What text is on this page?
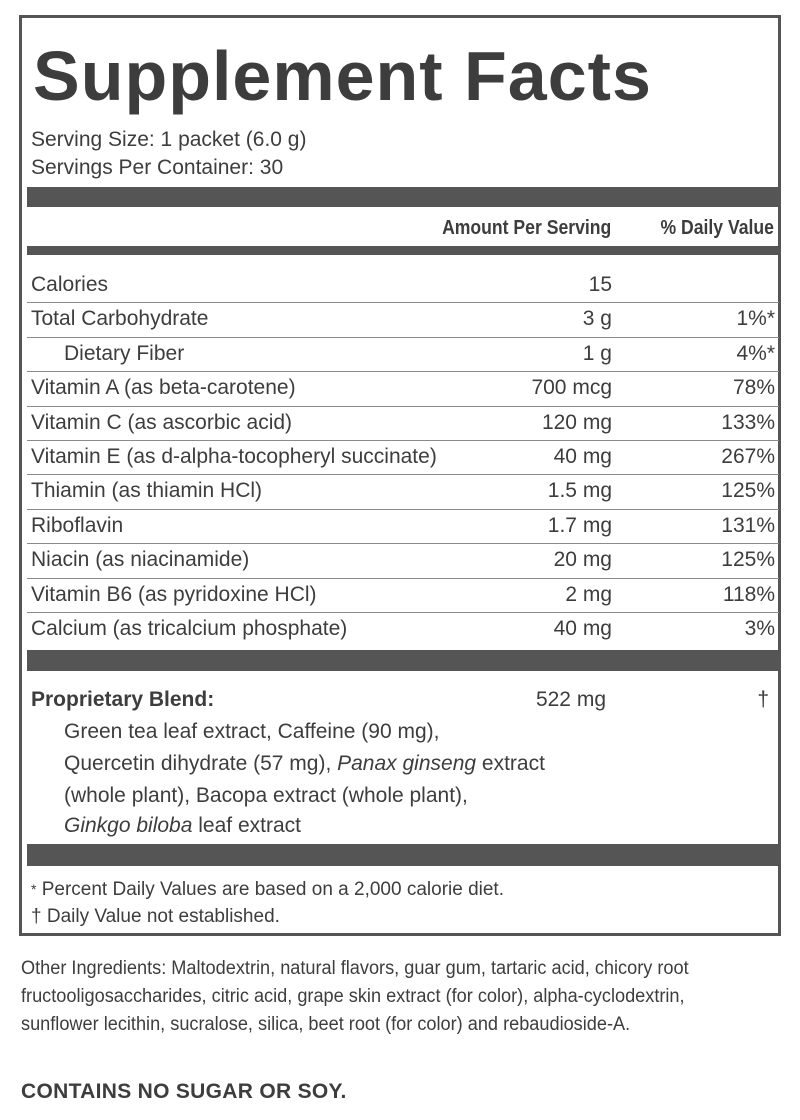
Supplement Facts
Serving Size: 1 packet (6.0 g)
Servings Per Container: 30
Amount Per Serving % Daily Value
Calories	15
Total Carbohydrate	3 g	1%*
Dietary Fiber	1 g	4%*
Vitamin A (as beta-carotene)	700 mcg	78%
Vitamin C (as ascorbic acid)	120 mg	133%
Vitamin E (as d-alpha-tocopheryl succinate)	40 mg	267%
Thiamin (as thiamin HCl)	1.5 mg	125%
Riboflavin	1.7 mg	131%
Niacin (as niacinamide)	20 mg	125%
Vitamin B6 (as pyridoxine HCl)	2 mg	118%
Calcium (as tricalcium phosphate)	40 mg	3%
Proprietary Blend:	522 mg	†
Green tea leaf extract, Caffeine (90 mg),
Quercetin dihydrate (57 mg), Panax ginseng extract
(whole plant), Bacopa extract (whole plant),
Ginkgo biloba leaf extract
* Percent Daily Values are based on a 2,000 calorie diet.
† Daily Value not established.

Other Ingredients: Maltodextrin, natural flavors, guar gum, tartaric acid, chicory root fructooligosaccharides, citric acid, grape skin extract (for color), alpha-cyclodextrin, sunflower lecithin, sucralose, silica, beet root (for color) and rebaudioside-A.

CONTAINS NO SUGAR OR SOY.
